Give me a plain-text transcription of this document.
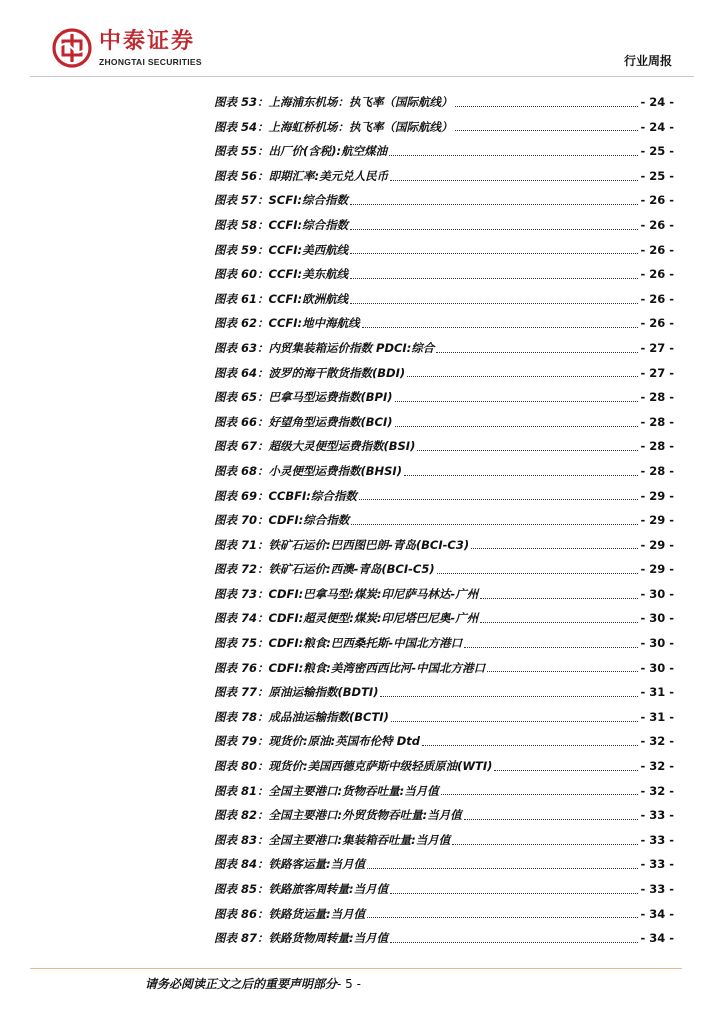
中泰证券
ZHONGTAI SECURITIES	行业周报
图表 53：上海浦东机场：执飞率（国际航线）	- 24 -
图表 54：上海虹桥机场：执飞率（国际航线）	- 24 -
图表 55：出厂价(含税):航空煤油	- 25 -
图表 56：即期汇率:美元兑人民币	- 25 -
图表 57：SCFI:综合指数	- 26 -
图表 58：CCFI:综合指数	- 26 -
图表 59：CCFI:美西航线	- 26 -
图表 60：CCFI:美东航线	- 26 -
图表 61：CCFI:欧洲航线	- 26 -
图表 62：CCFI:地中海航线	- 26 -
图表 63：内贸集装箱运价指数 PDCI:综合	- 27 -
图表 64：波罗的海干散货指数(BDI)	- 27 -
图表 65：巴拿马型运费指数(BPI)	- 28 -
图表 66：好望角型运费指数(BCI)	- 28 -
图表 67：超级大灵便型运费指数(BSI)	- 28 -
图表 68：小灵便型运费指数(BHSI)	- 28 -
图表 69：CCBFI:综合指数	- 29 -
图表 70：CDFI:综合指数	- 29 -
图表 71：铁矿石运价:巴西图巴朗-青岛(BCI-C3)	- 29 -
图表 72：铁矿石运价:西澳-青岛(BCI-C5)	- 29 -
图表 73：CDFI:巴拿马型:煤炭:印尼萨马林达-广州	- 30 -
图表 74：CDFI:超灵便型:煤炭:印尼塔巴尼奥-广州	- 30 -
图表 75：CDFI:粮食:巴西桑托斯-中国北方港口	- 30 -
图表 76：CDFI:粮食:美湾密西西比河-中国北方港口	- 30 -
图表 77：原油运输指数(BDTI)	- 31 -
图表 78：成品油运输指数(BCTI)	- 31 -
图表 79：现货价:原油:英国布伦特 Dtd	- 32 -
图表 80：现货价:美国西德克萨斯中级轻质原油(WTI)	- 32 -
图表 81：全国主要港口:货物吞吐量:当月值	- 32 -
图表 82：全国主要港口:外贸货物吞吐量:当月值	- 33 -
图表 83：全国主要港口:集装箱吞吐量:当月值	- 33 -
图表 84：铁路客运量:当月值	- 33 -
图表 85：铁路旅客周转量:当月值	- 33 -
图表 86：铁路货运量:当月值	- 34 -
图表 87：铁路货物周转量:当月值	- 34 -
请务必阅读正文之后的重要声明部分- 5 -
